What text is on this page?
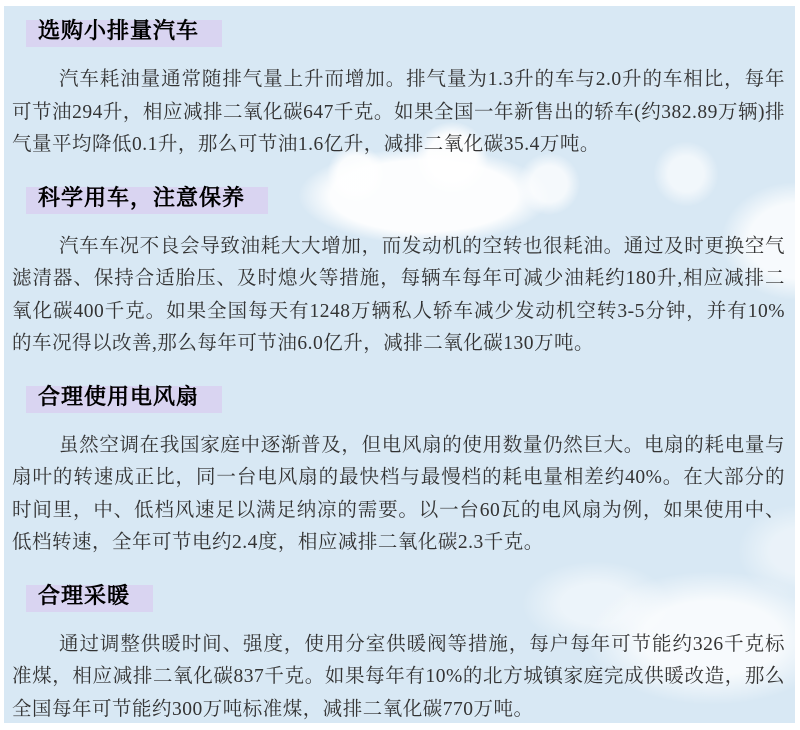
选购小排量汽车

汽车耗油量通常随排气量上升而增加。排气量为1.3升的车与2.0升的车相比，每年可节油294升，相应减排二氧化碳647千克。如果全国一年新售出的轿车(约382.89万辆)排气量平均降低0.1升，那么可节油1.6亿升，减排二氧化碳35.4万吨。

科学用车，注意保养

汽车车况不良会导致油耗大大增加，而发动机的空转也很耗油。通过及时更换空气滤清器、保持合适胎压、及时熄火等措施，每辆车每年可减少油耗约180升,相应减排二氧化碳400千克。如果全国每天有1248万辆私人轿车减少发动机空转3-5分钟，并有10%的车况得以改善,那么每年可节油6.0亿升，减排二氧化碳130万吨。

合理使用电风扇

虽然空调在我国家庭中逐渐普及，但电风扇的使用数量仍然巨大。电扇的耗电量与扇叶的转速成正比，同一台电风扇的最快档与最慢档的耗电量相差约40%。在大部分的时间里，中、低档风速足以满足纳凉的需要。以一台60瓦的电风扇为例，如果使用中、低档转速，全年可节电约2.4度，相应减排二氧化碳2.3千克。

合理采暖

通过调整供暖时间、强度，使用分室供暖阀等措施，每户每年可节能约326千克标准煤，相应减排二氧化碳837千克。如果每年有10%的北方城镇家庭完成供暖改造，那么全国每年可节能约300万吨标准煤，减排二氧化碳770万吨。
